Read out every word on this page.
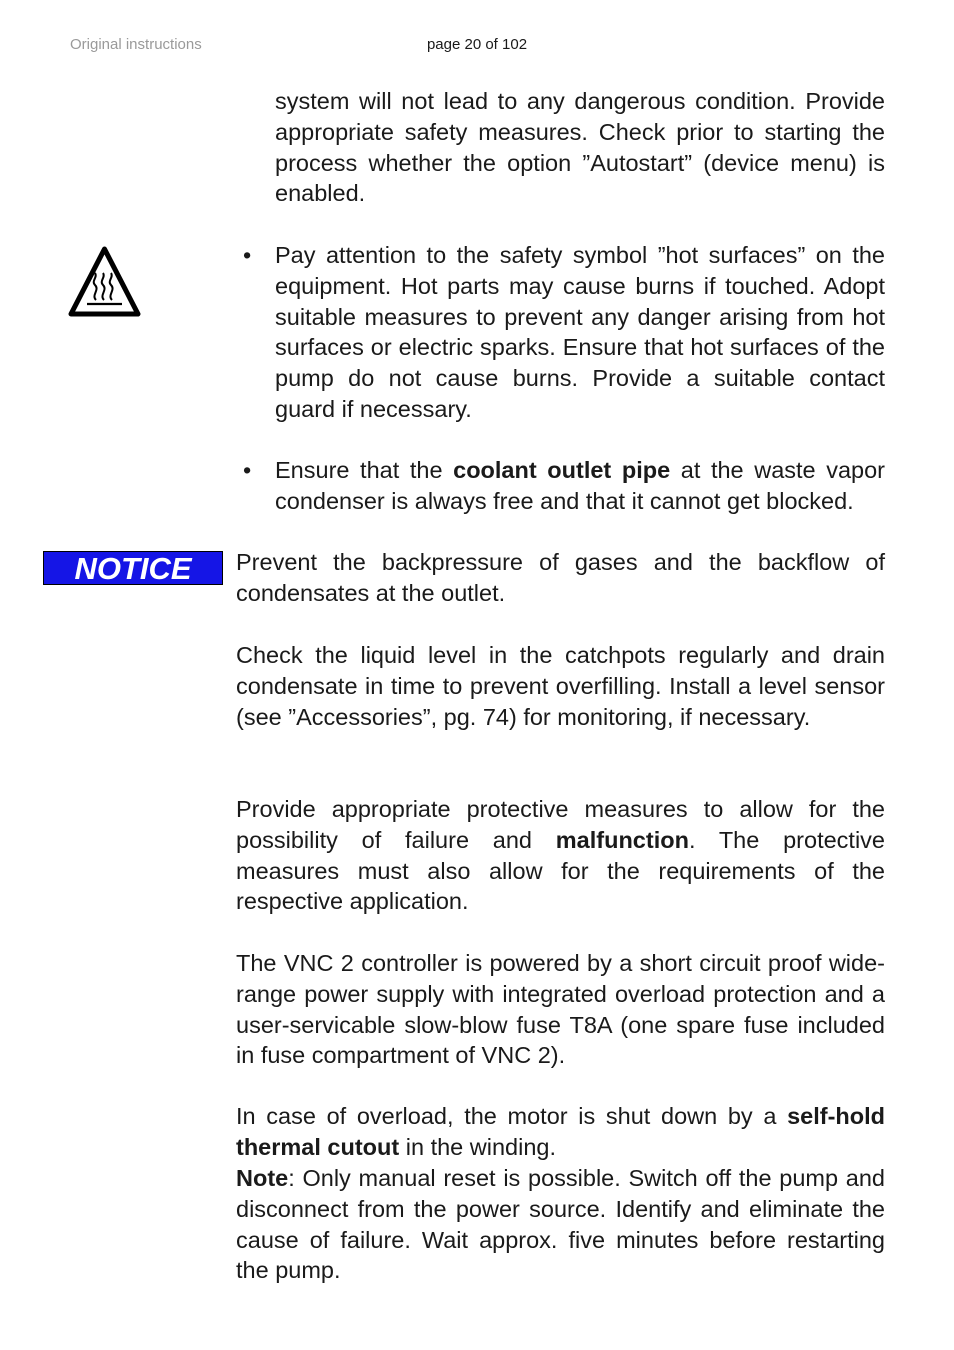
Original instructions	page 20 of 102

system will not lead to any dangerous condition. Provide appropriate safety measures. Check prior to starting the process whether the option ”Autostart” (device menu) is enabled.

• Pay attention to the safety symbol ”hot surfaces” on the equipment. Hot parts may cause burns if touched. Adopt suitable measures to prevent any danger arising from hot surfaces or electric sparks. Ensure that hot surfaces of the pump do not cause burns. Provide a suitable contact guard if necessary.

• Ensure that the coolant outlet pipe at the waste vapor condenser is always free and that it cannot get blocked.

NOTICE	Prevent the backpressure of gases and the backflow of condensates at the outlet.

Check the liquid level in the catchpots regularly and drain condensate in time to prevent overfilling. Install a level sensor (see ”Accessories”, pg. 74) for monitoring, if necessary.

Provide appropriate protective measures to allow for the possibility of failure and malfunction. The protective measures must also allow for the requirements of the respective application.

The VNC 2 controller is powered by a short circuit proof wide-range power supply with integrated overload protection and a user-servicable slow-blow fuse T8A (one spare fuse included in fuse compartment of VNC 2).

In case of overload, the motor is shut down by a self-hold thermal cutout in the winding.

Note: Only manual reset is possible. Switch off the pump and disconnect from the power source. Identify and eliminate the cause of failure. Wait approx. five minutes before restarting the pump.
